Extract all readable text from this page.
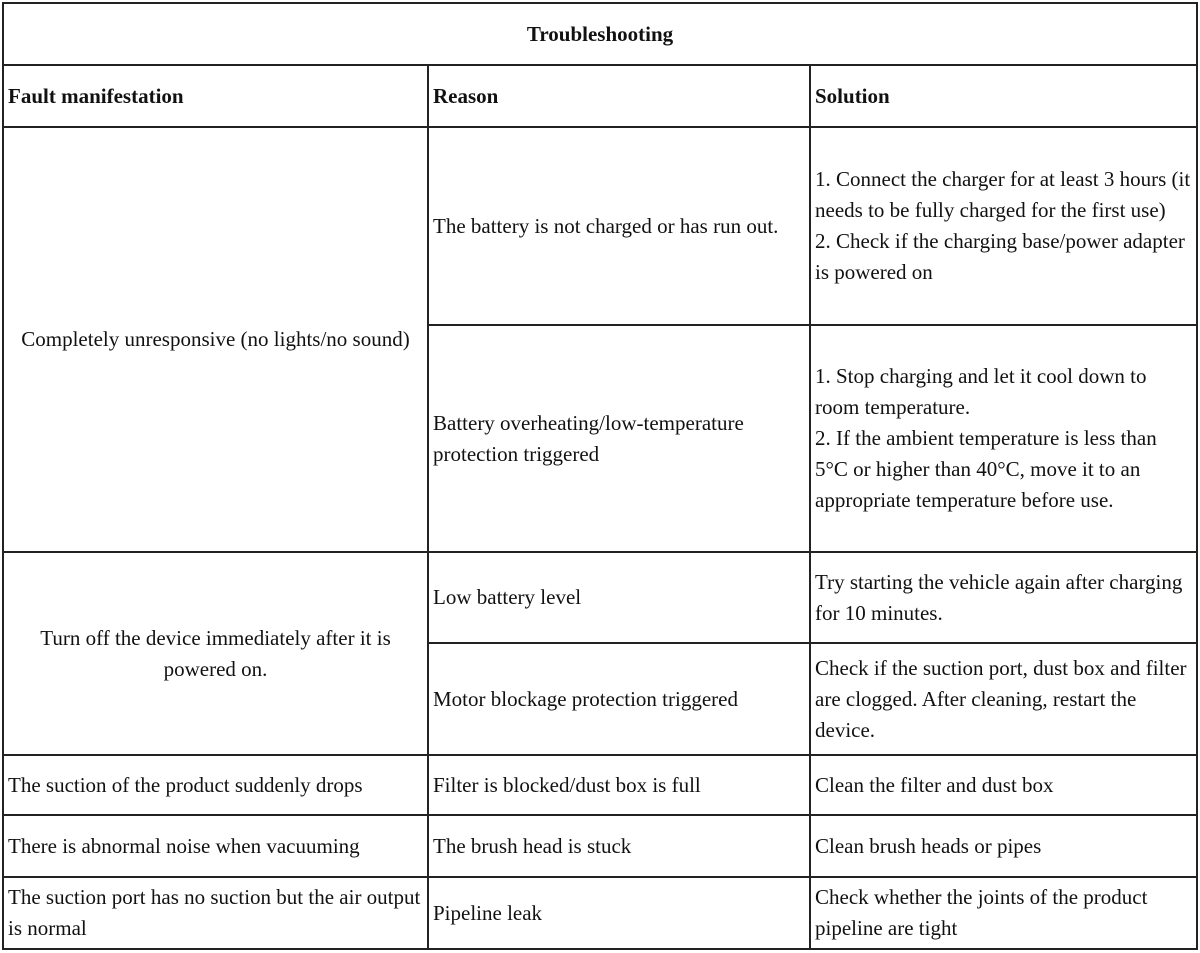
Troubleshooting		
Fault manifestation	Reason	Solution
Completely unresponsive (no lights/no sound)	The battery is not charged or has run out.	1. Connect the charger for at least 3 hours (it needs to be fully charged for the first use)
2. Check if the charging base/power adapter is powered on

	Battery overheating/low-temperature protection triggered	1. Stop charging and let it cool down to room temperature.
2. If the ambient temperature is less than 5°C or higher than 40°C, move it to an appropriate temperature before use.

Turn off the device immediately after it is powered on.	Low battery level	Try starting the vehicle again after charging for 10 minutes.

	Motor blockage protection triggered	Check if the suction port, dust box and filter are clogged. After cleaning, restart the device.

The suction of the product suddenly drops	Filter is blocked/dust box is full	Clean the filter and dust box

There is abnormal noise when vacuuming	The brush head is stuck	Clean brush heads or pipes

The suction port has no suction but the air output is normal	Pipeline leak	Check whether the joints of the product pipeline are tight
